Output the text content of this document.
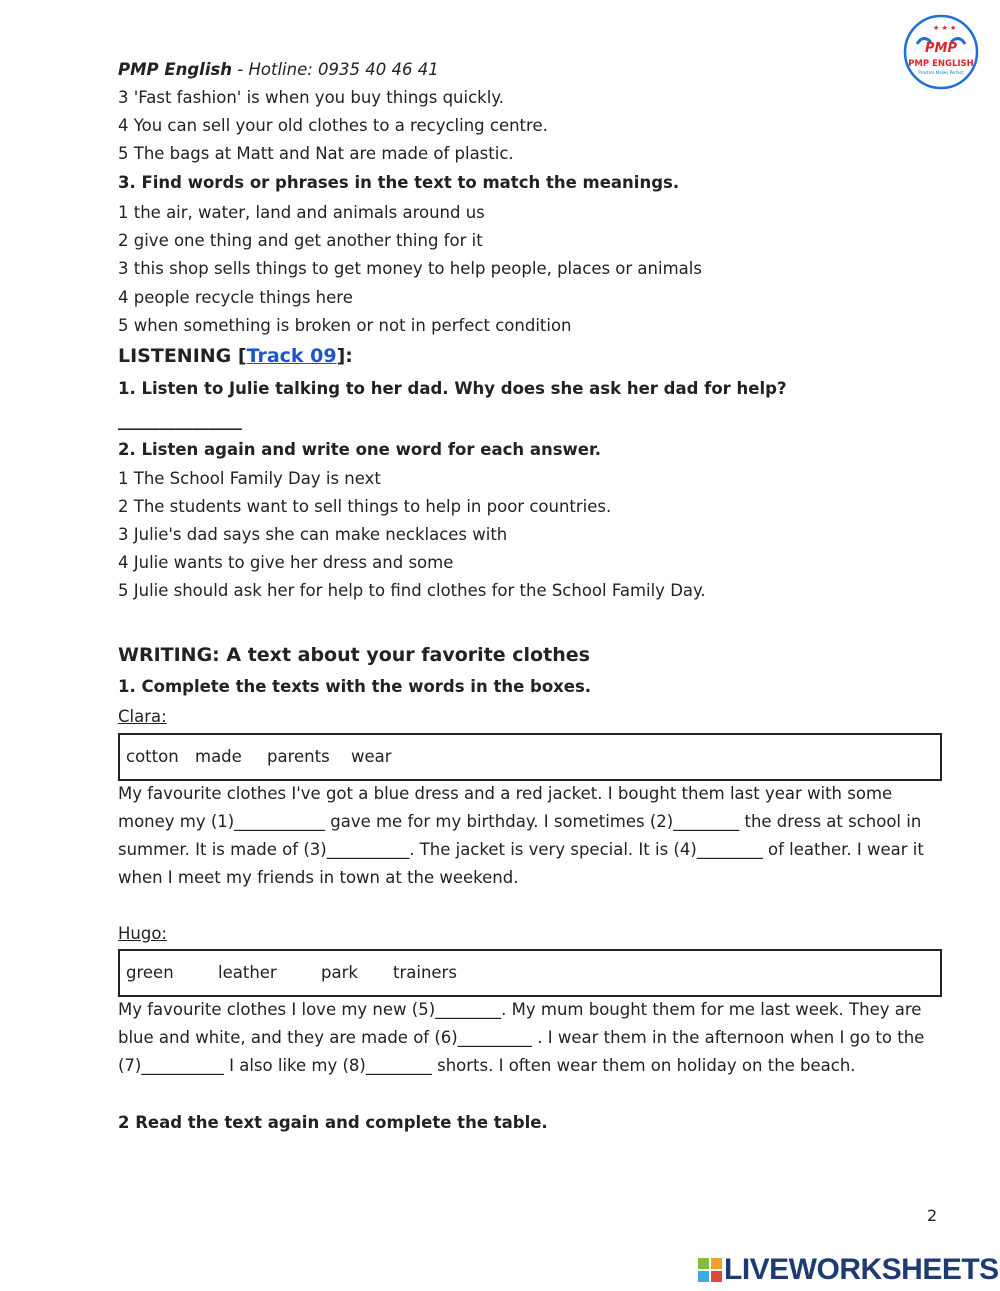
★ ★ ★
PMP
PMP ENGLISH
Practice Makes Perfect
PMP English - Hotline: 0935 40 46 41
3 'Fast fashion' is when you buy things quickly.
4 You can sell your old clothes to a recycling centre.
5 The bags at Matt and Nat are made of plastic.
3. Find words or phrases in the text to match the meanings.
1 the air, water, land and animals around us
2 give one thing and get another thing for it
3 this shop sells things to get money to help people, places or animals
4 people recycle things here
5 when something is broken or not in perfect condition
LISTENING [Track 09]:
1. Listen to Julie talking to her dad. Why does she ask her dad for help?
_______________
2. Listen again and write one word for each answer.
1 The School Family Day is next
2 The students want to sell things to help in poor countries.
3 Julie's dad says she can make necklaces with
4 Julie wants to give her dress and some
5 Julie should ask her for help to find clothes for the School Family Day.
WRITING: A text about your favorite clothes
1. Complete the texts with the words in the boxes.
Clara:
cotton made parents wear
My favourite clothes I've got a blue dress and a red jacket. I bought them last year with some money my (1)___________ gave me for my birthday. I sometimes (2)________ the dress at school in summer. It is made of (3)__________. The jacket is very special. It is (4)________ of leather. I wear it when I meet my friends in town at the weekend.
Hugo:
green	leather	park trainers
My favourite clothes I love my new (5)________. My mum bought them for me last week. They are blue and white, and they are made of (6)_________ . I wear them in the afternoon when I go to the (7)__________ I also like my (8)________ shorts. I often wear them on holiday on the beach.
2 Read the text again and complete the table.
2
LIVEWORKSHEETS
